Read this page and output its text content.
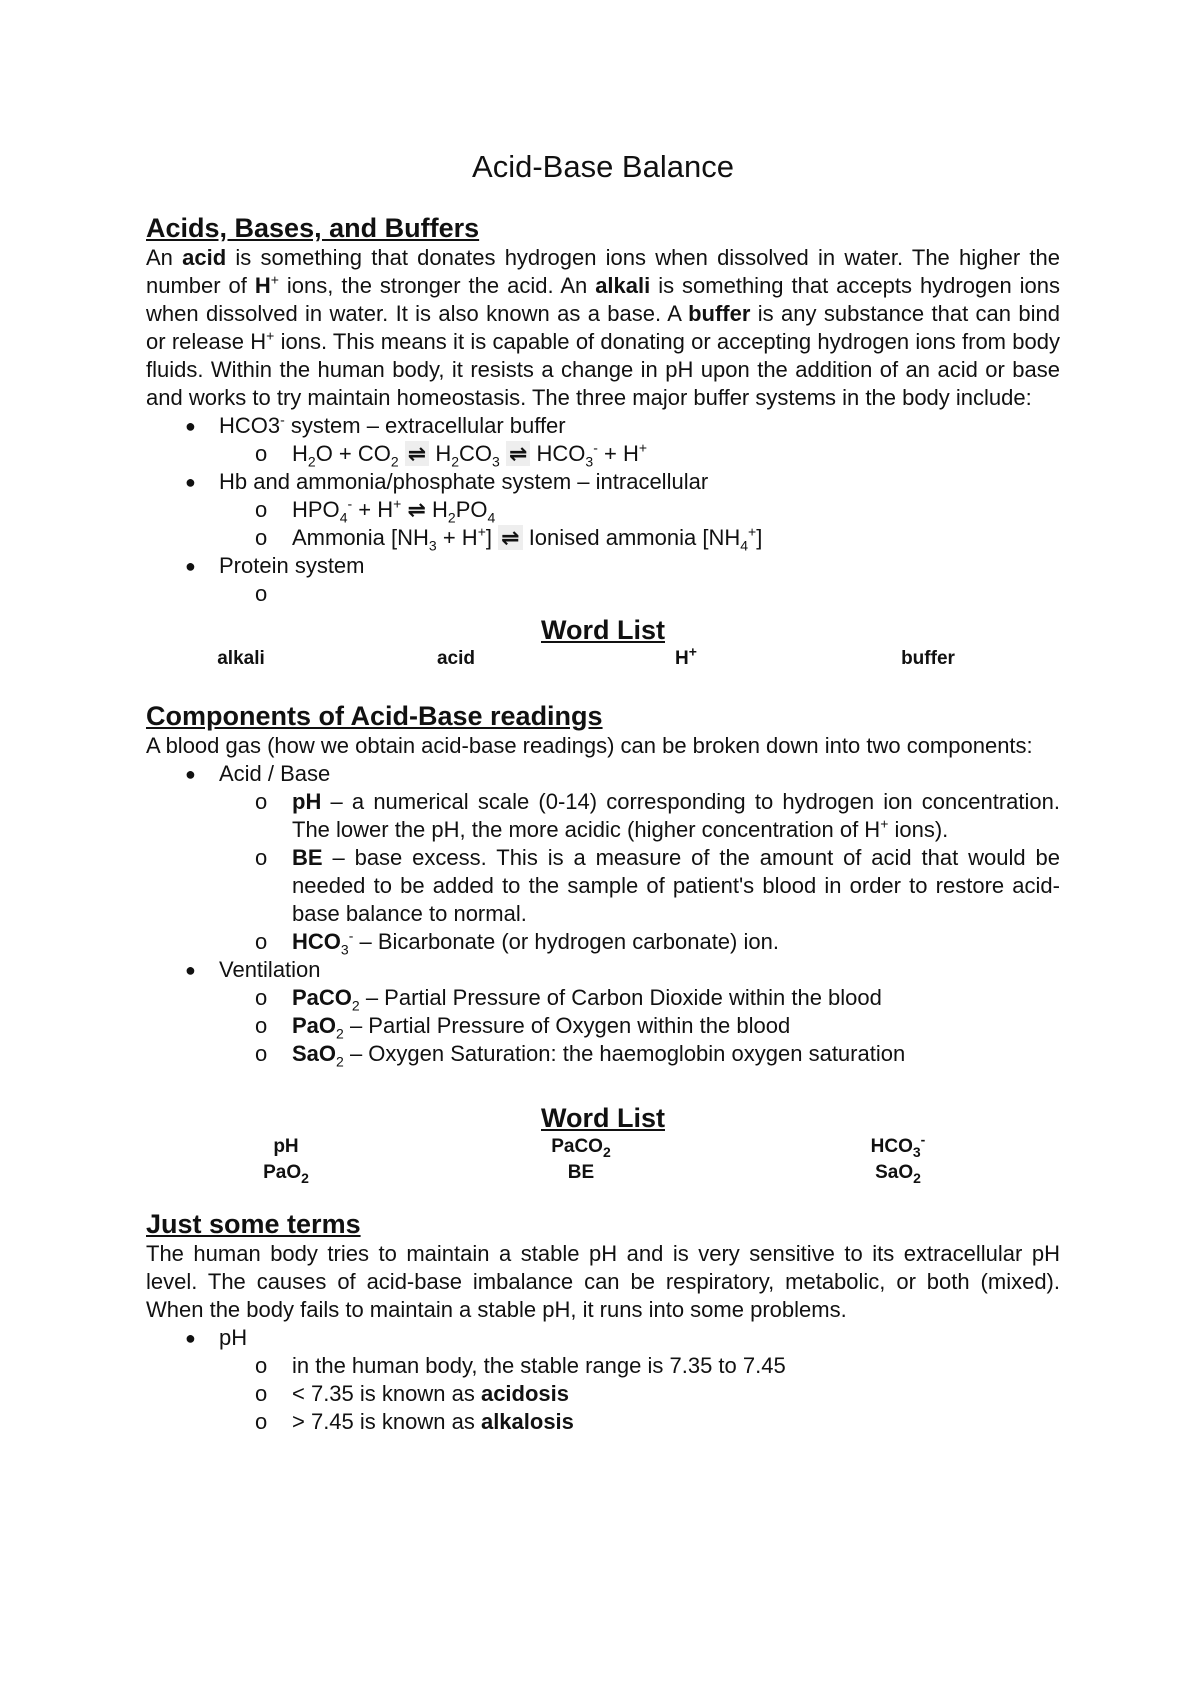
Acid-Base Balance
Acids, Bases, and Buffers

An acid is something that donates hydrogen ions when dissolved in water. The higher the number of H+ ions, the stronger the acid. An alkali is something that accepts hydrogen ions when dissolved in water. It is also known as a base. A buffer is any substance that can bind or release H+ ions. This means it is capable of donating or accepting hydrogen ions from body fluids. Within the human body, it resists a change in pH upon the addition of an acid or base and works to try maintain homeostasis. The three major buffer systems in the body include:

● HCO3- system – extracellular buffer
o $H_2O + CO_2$ ⇌ $H_2CO_3$ ⇌ $HCO_3^- + H^+$
● Hb and ammonia/phosphate system – intracellular
o $HPO_4^- + H^+$ ⇌ $H_2PO_4$
o Ammonia $[NH_3 + H^+]$ ⇌ Ionised ammonia $[NH_4^+]$
● Protein system
o

Word List
alkali	acid	H+	buffer
Components of Acid-Base readings

A blood gas (how we obtain acid-base readings) can be broken down into two components:

● Acid / Base
o pH – a numerical scale (0-14) corresponding to hydrogen ion concentration. The lower the pH, the more acidic (higher concentration of H+ ions).
o BE – base excess. This is a measure of the amount of acid that would be needed to be added to the sample of patient's blood in order to restore acid-base balance to normal.
o $HCO_3^-$ – Bicarbonate (or hydrogen carbonate) ion.
● Ventilation
o PaCO$_2$ – Partial Pressure of Carbon Dioxide within the blood
o PaO$_2$ – Partial Pressure of Oxygen within the blood
o SaO$_2$ – Oxygen Saturation: the haemoglobin oxygen saturation
Word List
pH	PaCO$_2$	$HCO_3^-$
PaO$_2$	BE	SaO$_2$
Just some terms

The human body tries to maintain a stable pH and is very sensitive to its extracellular pH level. The causes of acid-base imbalance can be respiratory, metabolic, or both (mixed). When the body fails to maintain a stable pH, it runs into some problems.

● pH
o in the human body, the stable range is 7.35 to 7.45
o < 7.35 is known as acidosis
o > 7.45 is known as alkalosis
